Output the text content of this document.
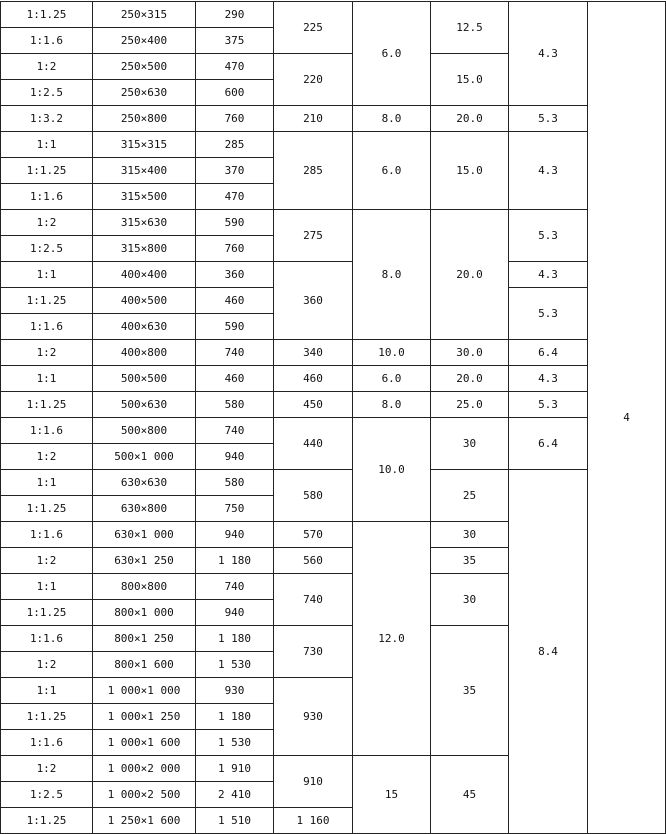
1:1.25	250×315	290	225	6.0	12.5	4.3	4
1:1.6	250×400	375					
1:2	250×500	470	220		15.0		
1:2.5	250×630	600					
1:3.2	250×800	760	210	8.0	20.0	5.3	
1:1	315×315	285	285	6.0	15.0	4.3	
1:1.25	315×400	370					
1:1.6	315×500	470					
1:2	315×630	590	275	8.0	20.0	5.3	
1:2.5	315×800	760					
1:1	400×400	360	360			4.3	
1:1.25	400×500	460				5.3	
1:1.6	400×630	590					
1:2	400×800	740	340	10.0	30.0	6.4	
1:1	500×500	460	460	6.0	20.0	4.3	
1:1.25	500×630	580	450	8.0	25.0	5.3	
1:1.6	500×800	740	440	10.0	30	6.4	
1:2	500×1 000	940					
1:1	630×630	580	580		25	8.4	
1:1.25	630×800	750					
1:1.6	630×1 000	940	570	12.0	30		
1:2	630×1 250	1 180	560		35		
1:1	800×800	740	740		30		
1:1.25	800×1 000	940					
1:1.6	800×1 250	1 180	730		35		
1:2	800×1 600	1 530					
1:1	1 000×1 000	930	930				
1:1.25	1 000×1 250	1 180					
1:1.6	1 000×1 600	1 530					
1:2	1 000×2 000	1 910	910	15	45		
1:2.5	1 000×2 500	2 410					
1:1.25	1 250×1 600	1 510	1 160				
